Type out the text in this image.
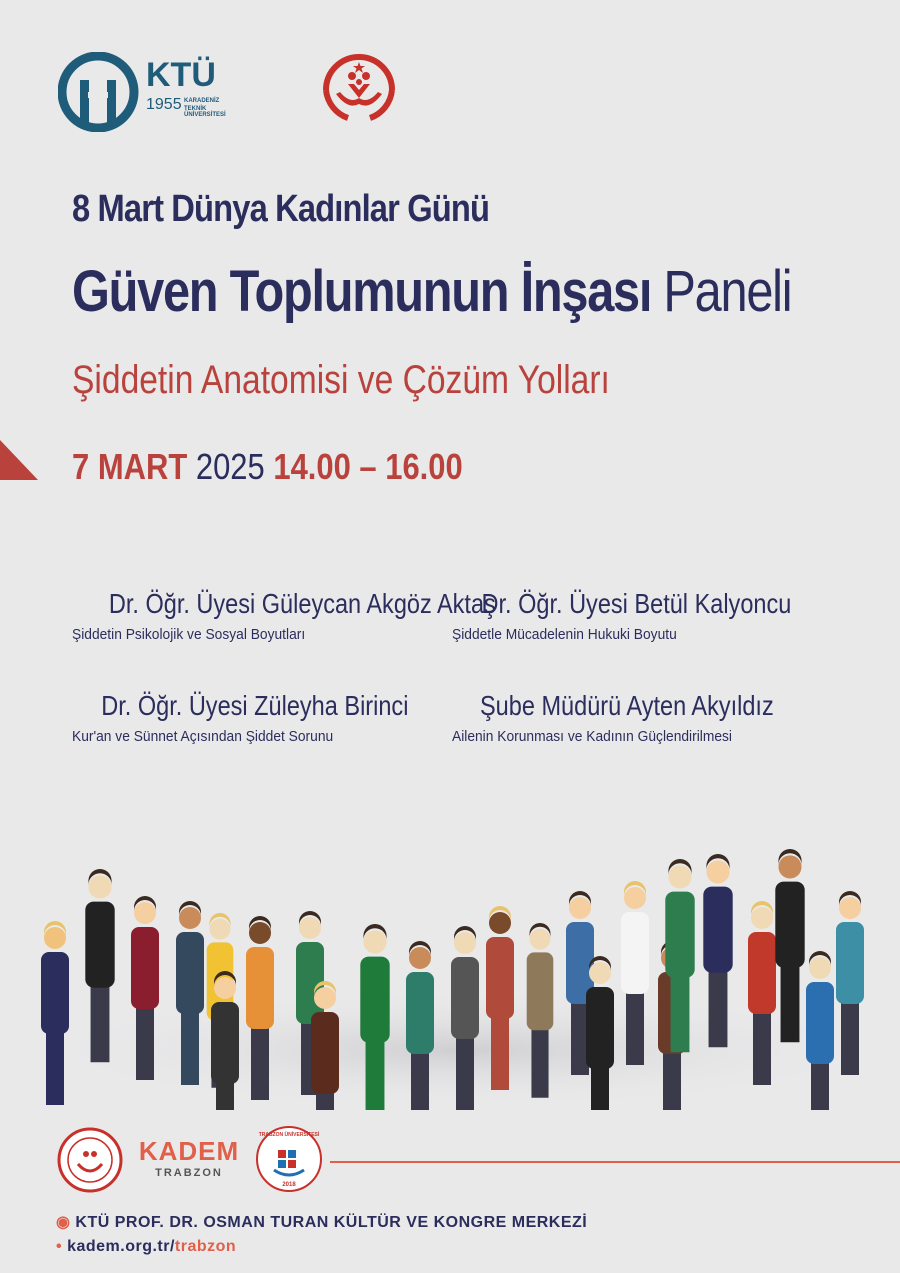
KTÜ
1955 KARADENİZ
TEKNİK ÜNİVERSİTESİ
8 Mart Dünya Kadınlar Günü
Güven Toplumunun İnşası Paneli
Şiddetin Anatomisi ve Çözüm Yolları
7 MART 2025 14.00 – 16.00
Dr. Öğr. Üyesi Güleycan Akgöz Aktaş
Şiddetin Psikolojik ve Sosyal Boyutları
Dr. Öğr. Üyesi Betül Kalyoncu
Şiddetle Mücadelenin Hukuki Boyutu
Dr. Öğr. Üyesi Züleyha Birinci
Kur'an ve Sünnet Açısından Şiddet Sorunu
Şube Müdürü Ayten Akyıldız
Ailenin Korunması ve Kadının Güçlendirilmesi
KADEM
TRABZON
TRABZON ÜNİVERSİTESİ
2018
◉ KTÜ PROF. DR. OSMAN TURAN KÜLTÜR VE KONGRE MERKEZİ
• kadem.org.tr/trabzon
